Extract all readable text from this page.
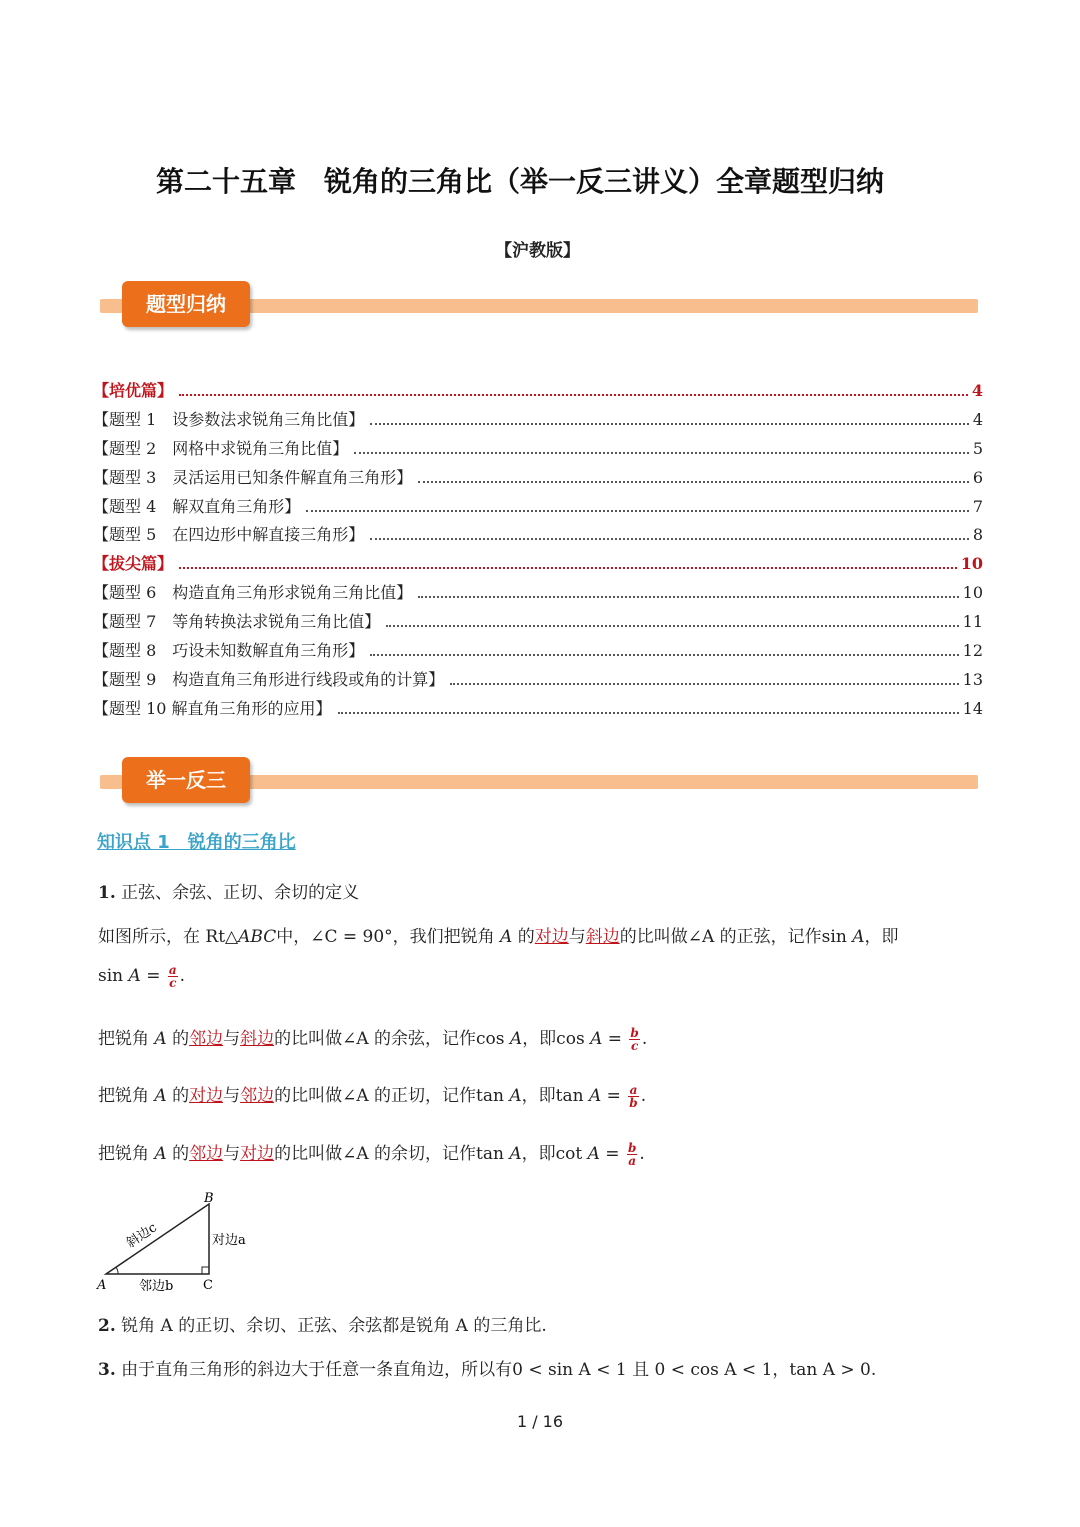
第二十五章　锐角的三角比（举一反三讲义）全章题型归纳
【沪教版】
题型归纳
【培优篇】	4
【题型 1　设参数法求锐角三角比值】	4
【题型 2　网格中求锐角三角比值】	5
【题型 3　灵活运用已知条件解直角三角形】	6
【题型 4　解双直角三角形】	7
【题型 5　在四边形中解直接三角形】	8
【拔尖篇】	10
【题型 6　构造直角三角形求锐角三角比值】	10
【题型 7　等角转换法求锐角三角比值】	11
【题型 8　巧设未知数解直角三角形】	12
【题型 9　构造直角三角形进行线段或角的计算】	13
【题型 10 解直角三角形的应用】	14
举一反三
知识点 1　锐角的三角比
1. 正弦、余弦、正切、余切的定义
如图所示，在 Rt△ABC中，∠C = 90°，我们把锐角 A 的对边与斜边的比叫做∠A 的正弦，记作sin A，即
$\sin A = \frac{a}{c}$ .
把锐角 A 的邻边与斜边的比叫做∠A 的余弦，记作cos A，即$\cos A = \frac{b}{c}$ .
把锐角 A 的对边与邻边的比叫做∠A 的正切，记作tan A，即$\tan A = \frac{a}{b}$ .
把锐角 A 的邻边与对边的比叫做∠A 的余切，记作tan A，即$\cot A = \frac{b}{a}$ .
B
A	C
斜边c	对边a
邻边b
2. 锐角 A 的正切、余切、正弦、余弦都是锐角 A 的三角比.
3. 由于直角三角形的斜边大于任意一条直角边，所以有0 < sin A < 1 且 0 < cos A < 1，tan A > 0.
1 / 16
